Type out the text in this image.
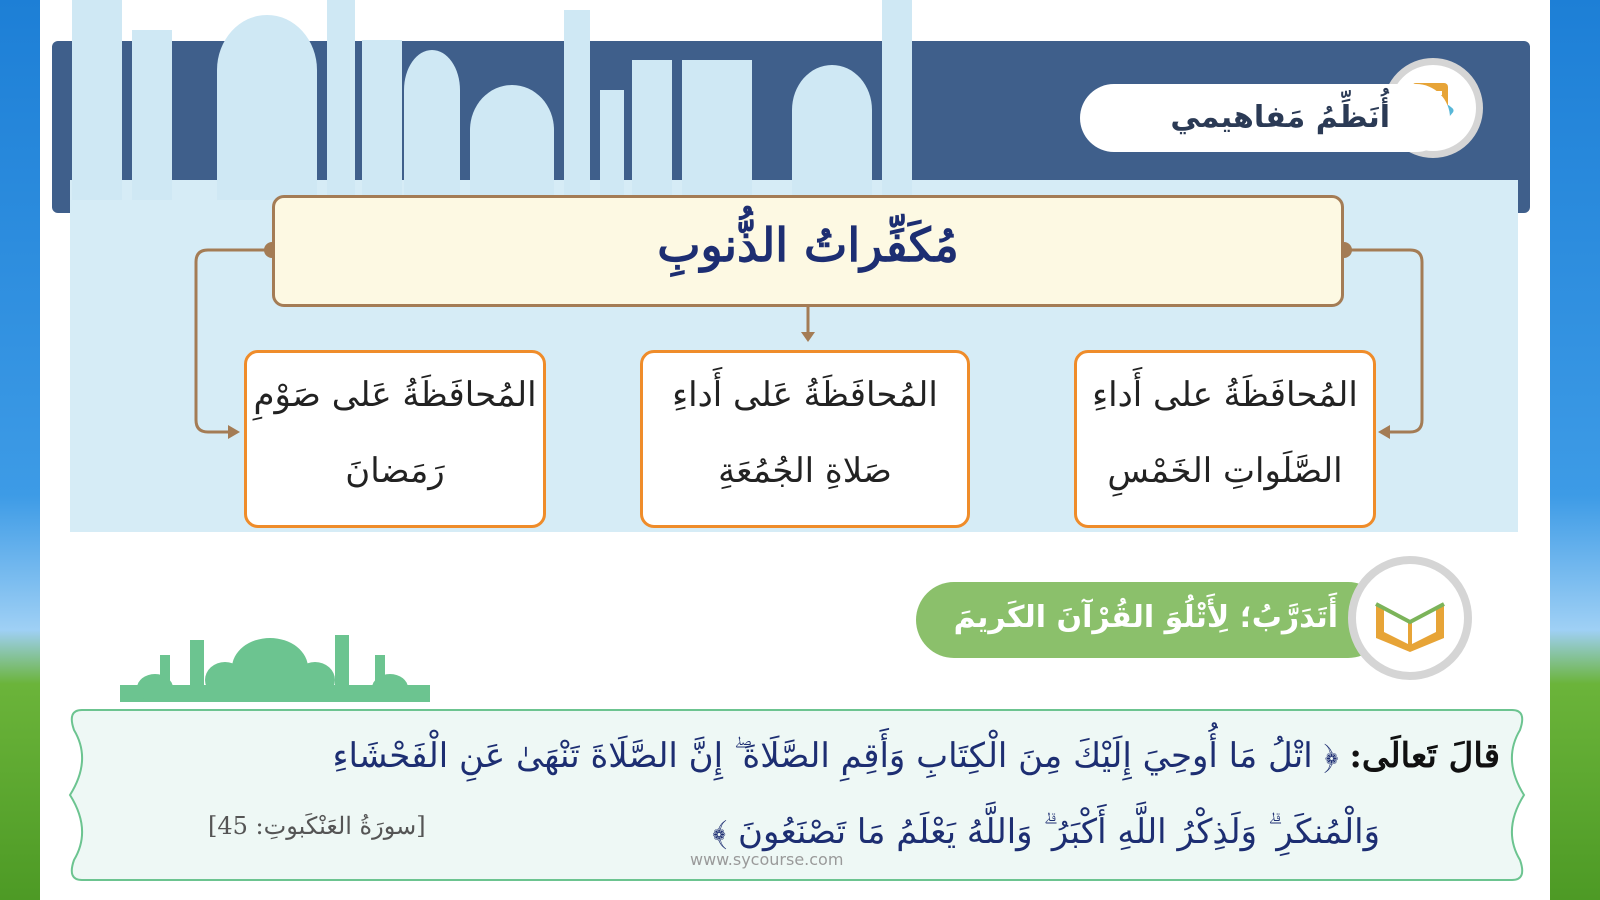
أُنَظِّمُ مَفاهيمي
مُكَفِّراتُ الذُّنوبِ
المُحافَظَةُ على أَداءِ
الصَّلَواتِ الخَمْسِ
المُحافَظَةُ عَلى أَداءِ
صَلاةِ الجُمُعَةِ
المُحافَظَةُ عَلى صَوْمِ
رَمَضانَ
أَتَدَرَّبُ؛ لِأَتْلُوَ القُرْآنَ الكَريمَ
قالَ تَعالَى: ﴿ اتْلُ مَا أُوحِيَ إِلَيْكَ مِنَ الْكِتَابِ وَأَقِمِ الصَّلَاةَ ۖ إِنَّ الصَّلَاةَ تَنْهَىٰ عَنِ الْفَحْشَاءِ
وَالْمُنكَرِ ۗ وَلَذِكْرُ اللَّهِ أَكْبَرُ ۗ وَاللَّهُ يَعْلَمُ مَا تَصْنَعُونَ ﴾
[سورَةُ العَنْكَبوتِ: 45]
www.sycourse.com
